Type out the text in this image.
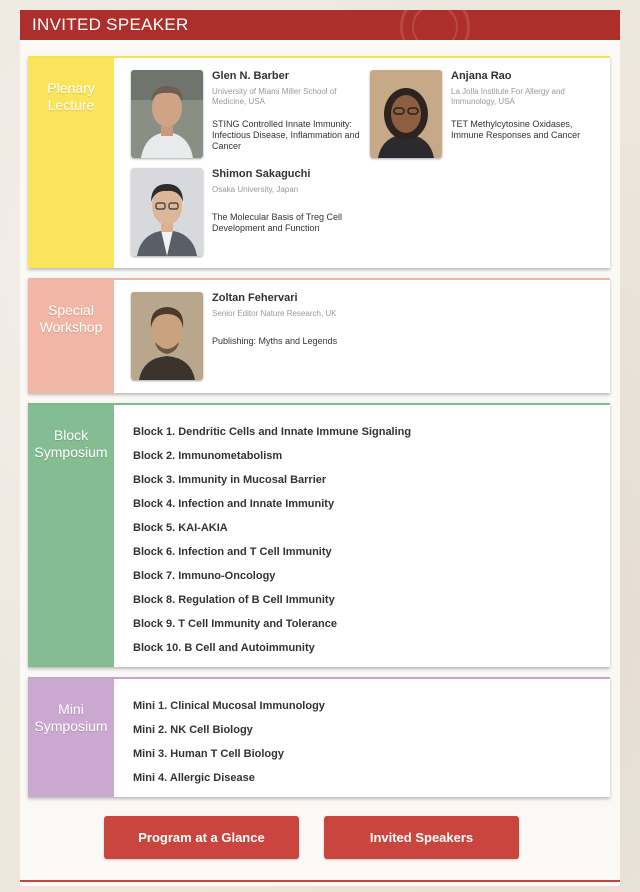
INVITED SPEAKER
Plenary
Lecture
Glen N. Barber
University of Miami Miller School of Medicine, USA
STING Controlled Innate Immunity: Infectious Disease, Inflammation and Cancer
Anjana Rao
La Jolla Institute For Allergy and Immunology, USA
TET Methylcytosine Oxidases, Immune Responses and Cancer
Shimon Sakaguchi
Osaka University, Japan
The Molecular Basis of Treg Cell Development and Function
Special
Workshop
Zoltan Fehervari
Senior Editor Nature Research, UK
Publishing: Myths and Legends
Block
Symposium
Block 1. Dendritic Cells and Innate Immune Signaling
Block 2. Immunometabolism
Block 3. Immunity in Mucosal Barrier
Block 4. Infection and Innate Immunity
Block 5. KAI-AKIA
Block 6. Infection and T Cell Immunity
Block 7. Immuno-Oncology
Block 8. Regulation of B Cell Immunity
Block 9. T Cell Immunity and Tolerance
Block 10. B Cell and Autoimmunity
Mini
Symposium
Mini 1. Clinical Mucosal Immunology
Mini 2. NK Cell Biology
Mini 3. Human T Cell Biology
Mini 4. Allergic Disease
Program at a Glance	Invited Speakers
